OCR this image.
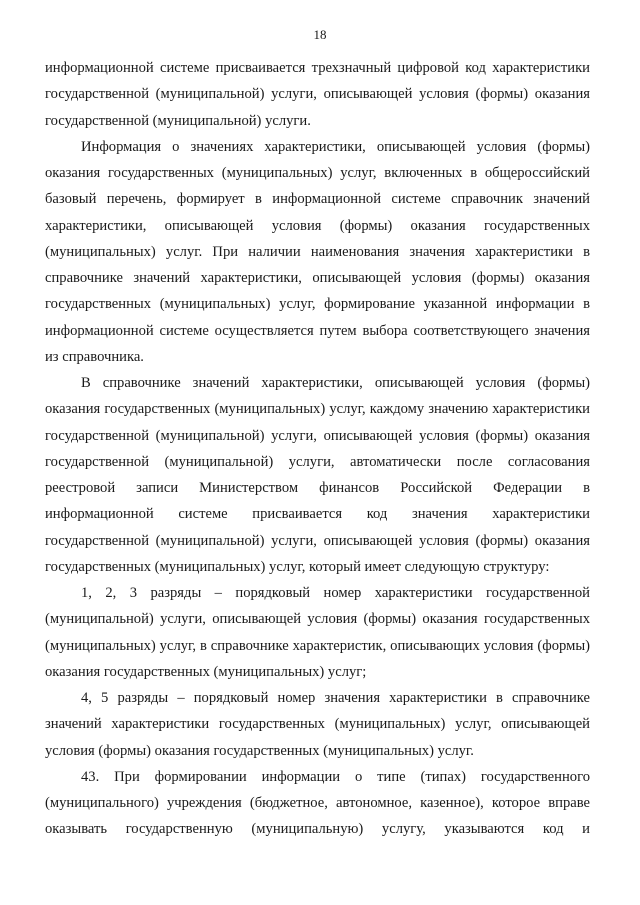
18

информационной системе присваивается трехзначный цифровой код характеристики государственной (муниципальной) услуги, описывающей условия (формы) оказания государственной (муниципальной) услуги.

Информация о значениях характеристики, описывающей условия (формы) оказания государственных (муниципальных) услуг, включенных в общероссийский базовый перечень, формирует в информационной системе справочник значений характеристики, описывающей условия (формы) оказания государственных (муниципальных) услуг. При наличии наименования значения характеристики в справочнике значений характеристики, описывающей условия (формы) оказания государственных (муниципальных) услуг, формирование указанной информации в информационной системе осуществляется путем выбора соответствующего значения из справочника.

В справочнике значений характеристики, описывающей условия (формы) оказания государственных (муниципальных) услуг, каждому значению характеристики государственной (муниципальной) услуги, описывающей условия (формы) оказания государственной (муниципальной) услуги, автоматически после согласования реестровой записи Министерством финансов Российской Федерации в информационной системе присваивается код значения характеристики государственной (муниципальной) услуги, описывающей условия (формы) оказания государственных (муниципальных) услуг, который имеет следующую структуру:

1, 2, 3 разряды – порядковый номер характеристики государственной (муниципальной) услуги, описывающей условия (формы) оказания государственных (муниципальных) услуг, в справочнике характеристик, описывающих условия (формы) оказания государственных (муниципальных) услуг;

4, 5 разряды – порядковый номер значения характеристики в справочнике значений характеристики государственных (муниципальных) услуг, описывающей условия (формы) оказания государственных (муниципальных) услуг.

43. При формировании информации о типе (типах) государственного (муниципального) учреждения (бюджетное, автономное, казенное), которое вправе оказывать государственную (муниципальную) услугу, указываются код и
